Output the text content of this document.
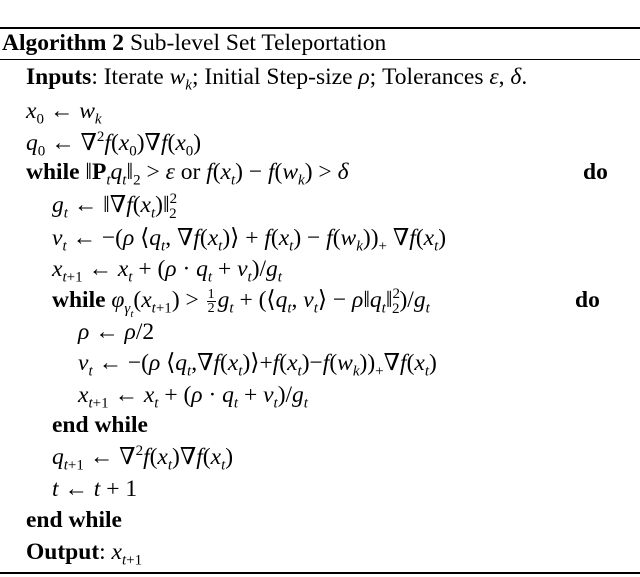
Algorithm 2 Sub-level Set Teleportation
Inputs: Iterate $w_k$; Initial Step-size ρ; Tolerances ε, δ.
$x_0$ ← $w_k$
$q_0$ ← $\nabla^2f(x_0)\nabla f(x_0)$
while $‖P_tq_t‖_2 > \varepsilon$ or $f(x_t) - f(w_k) > \delta$	do
$g_t$ ← $‖\nabla f(x_t)‖^2_2$
$v_t$ ← −(ρ $⟨q_t$, $\nabla f(x_t)⟩ + f(x_t) - f(w_k))_+$ $\nabla f(x_t)$
$x_{t+1}$ ← $x_t + (\rho \cdot q_t + v_t)/g_t$
while $\varphi_{\gamma_t}(x_{t+1}) > \frac{1}{2} g_t$ + ($⟨q_t$, $v_t⟩$ − $\rho‖q_t‖^2_2)/g_t$	do
ρ ← ρ/2
$v_t$ ← −(ρ $⟨q_t,\nabla f(x_t)⟩+f(x_t)-f(w_k))_+\nabla f(x_t)$
$x_{t+1}$ ← $x_t + (\rho \cdot q_t + v_t)/g_t$
end while
$q_{t+1}$ ← $\nabla^2f(x_t)\nabla f(x_t)$
t ← t + 1
end while
Output: $x_{t+1}$
